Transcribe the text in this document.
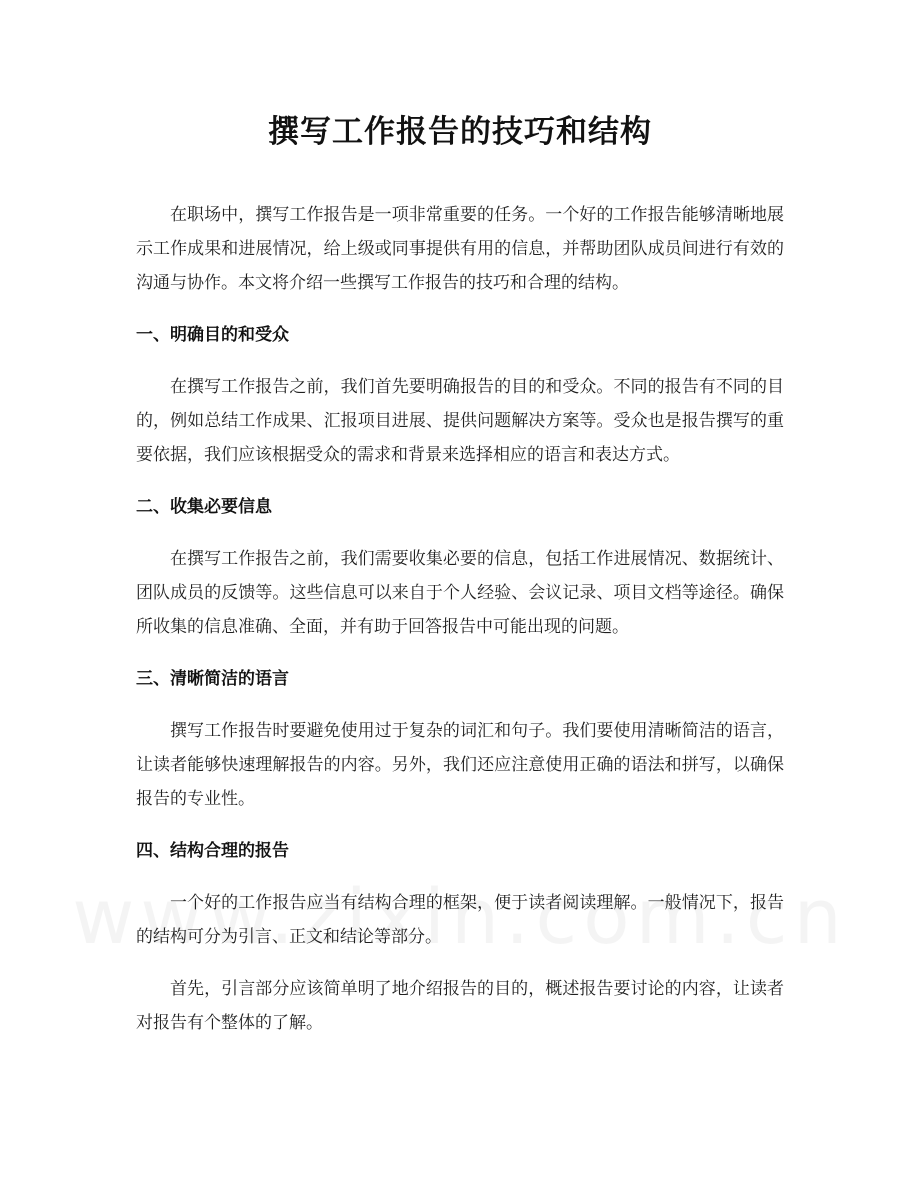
撰写工作报告的技巧和结构

在职场中，撰写工作报告是一项非常重要的任务。一个好的工作报告能够清晰地展示工作成果和进展情况，给上级或同事提供有用的信息，并帮助团队成员间进行有效的沟通与协作。本文将介绍一些撰写工作报告的技巧和合理的结构。

一、明确目的和受众

在撰写工作报告之前，我们首先要明确报告的目的和受众。不同的报告有不同的目的，例如总结工作成果、汇报项目进展、提供问题解决方案等。受众也是报告撰写的重要依据，我们应该根据受众的需求和背景来选择相应的语言和表达方式。

二、收集必要信息

在撰写工作报告之前，我们需要收集必要的信息，包括工作进展情况、数据统计、团队成员的反馈等。这些信息可以来自于个人经验、会议记录、项目文档等途径。确保所收集的信息准确、全面，并有助于回答报告中可能出现的问题。

三、清晰简洁的语言

撰写工作报告时要避免使用过于复杂的词汇和句子。我们要使用清晰简洁的语言，让读者能够快速理解报告的内容。另外，我们还应注意使用正确的语法和拼写，以确保报告的专业性。

四、结构合理的报告

一个好的工作报告应当有结构合理的框架，便于读者阅读理解。一般情况下，报告的结构可分为引言、正文和结论等部分。

首先，引言部分应该简单明了地介绍报告的目的，概述报告要讨论的内容，让读者对报告有个整体的了解。
